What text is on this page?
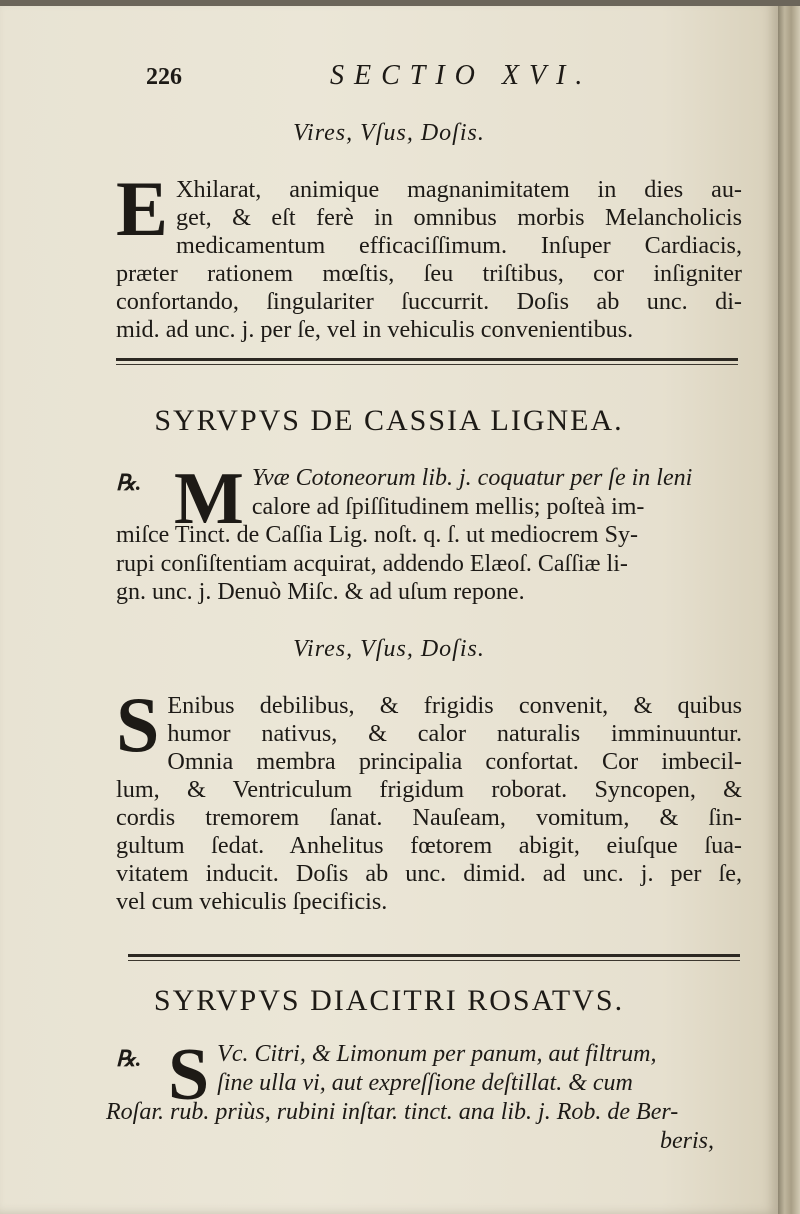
226	SECTIO XVI.
Vires, Vſus, Doſis.
E Xhilarat, animique magnanimitatem in dies au-
get, & eſt ferè in omnibus morbis Melancholicis
medicamentum efficaciſſimum. Inſuper Cardiacis,
præter rationem mœſtis, ſeu triſtibus, cor inſigniter
confortando, ſingulariter ſuccurrit. Doſis ab unc. di-
mid. ad unc. j. per ſe, vel in vehiculis convenientibus.
SYRVPVS DE CASSIA LIGNEA.
℞. M Yvæ Cotoneorum lib. j. coquatur per ſe in leni
calore ad ſpiſſitudinem mellis; poſteà im-
miſce Tinct. de Caſſia Lig. noſt. q. ſ. ut mediocrem Sy-
rupi conſiſtentiam acquirat, addendo Elæoſ. Caſſiæ li-
gn. unc. j. Denuò Miſc. & ad uſum repone.
Vires, Vſus, Doſis.
S Enibus debilibus, & frigidis convenit, & quibus
humor nativus, & calor naturalis imminuuntur.
Omnia membra principalia confortat. Cor imbecil-
lum, & Ventriculum frigidum roborat. Syncopen, &
cordis tremorem ſanat. Nauſeam, vomitum, & ſin-
gultum ſedat. Anhelitus fœtorem abigit, eiuſque ſua-
vitatem inducit. Doſis ab unc. dimid. ad unc. j. per ſe,
vel cum vehiculis ſpecificis.
SYRVPVS DIACITRI ROSATVS.
℞. S Vc. Citri, & Limonum per panum, aut filtrum,
ſine ulla vi, aut expreſſione deſtillat. & cum
Roſar. rub. priùs, rubini inſtar. tinct. ana lib. j. Rob. de Ber-
beris,
